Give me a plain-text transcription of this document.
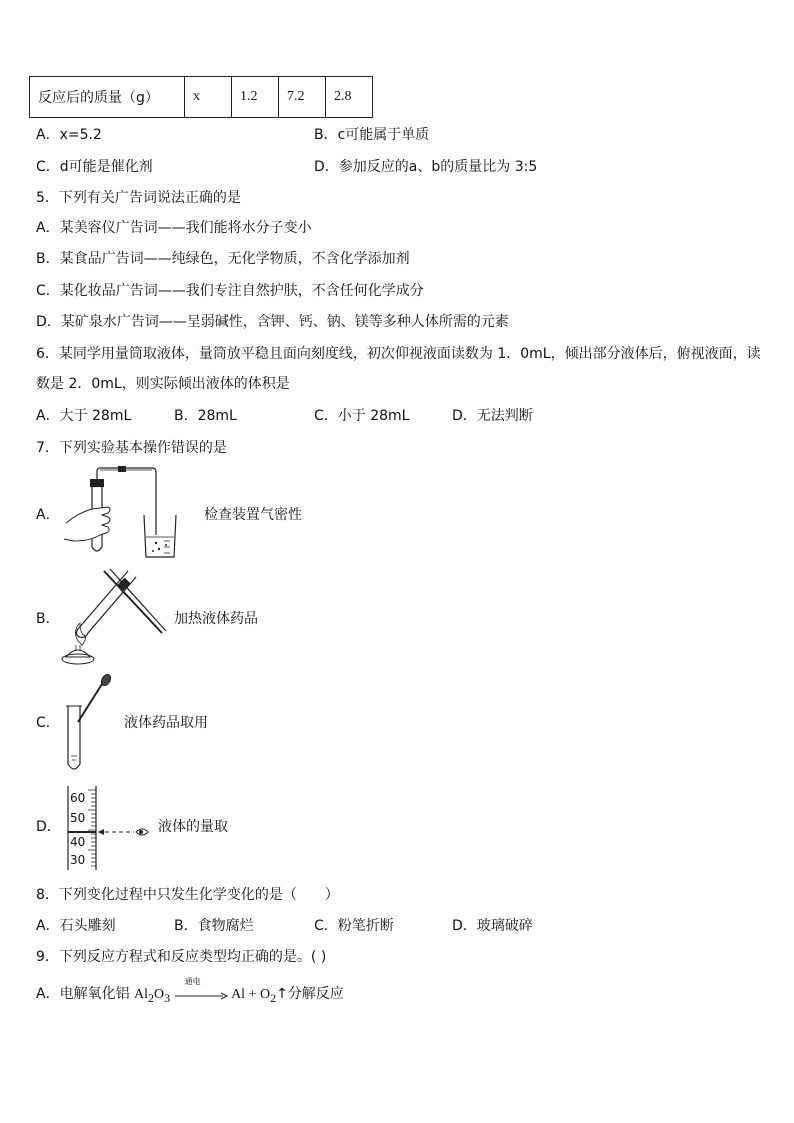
反应后的质量（g）	x	1.2	7.2	2.8
A．x=5.2	B．c可能属于单质
C．d可能是催化剂	D．参加反应的a、b的质量比为 3:5
5．下列有关广告词说法正确的是
A．某美容仪广告词——我们能将水分子变小
B．某食品广告词——纯绿色，无化学物质，不含化学添加剂
C．某化妆品广告词——我们专注自然护肤，不含任何化学成分
D．某矿泉水广告词——呈弱碱性，含钾、钙、钠、镁等多种人体所需的元素
6．某同学用量筒取液体，量筒放平稳且面向刻度线，初次仰视液面读数为 1．0mL，倾出部分液体后，俯视液面，读
数是 2．0mL，则实际倾出液体的体积是
A．大于 28mL	B．28mL	C．小于 28mL	D．无法判断
7．下列实验基本操作错误的是
A．	检查装置气密性
B．	加热液体药品
C．	液体药品取用
D．
60
50
40
30
液体的量取
8．下列变化过程中只发生化学变化的是（　　）
A．石头雕刻	B．食物腐烂	C．粉笔折断	D．玻璃破碎
9．下列反应方程式和反应类型均正确的是。( )
A．电解氧化铝 $Al_2O_3$
通电
$Al + O_2↑$分解反应
